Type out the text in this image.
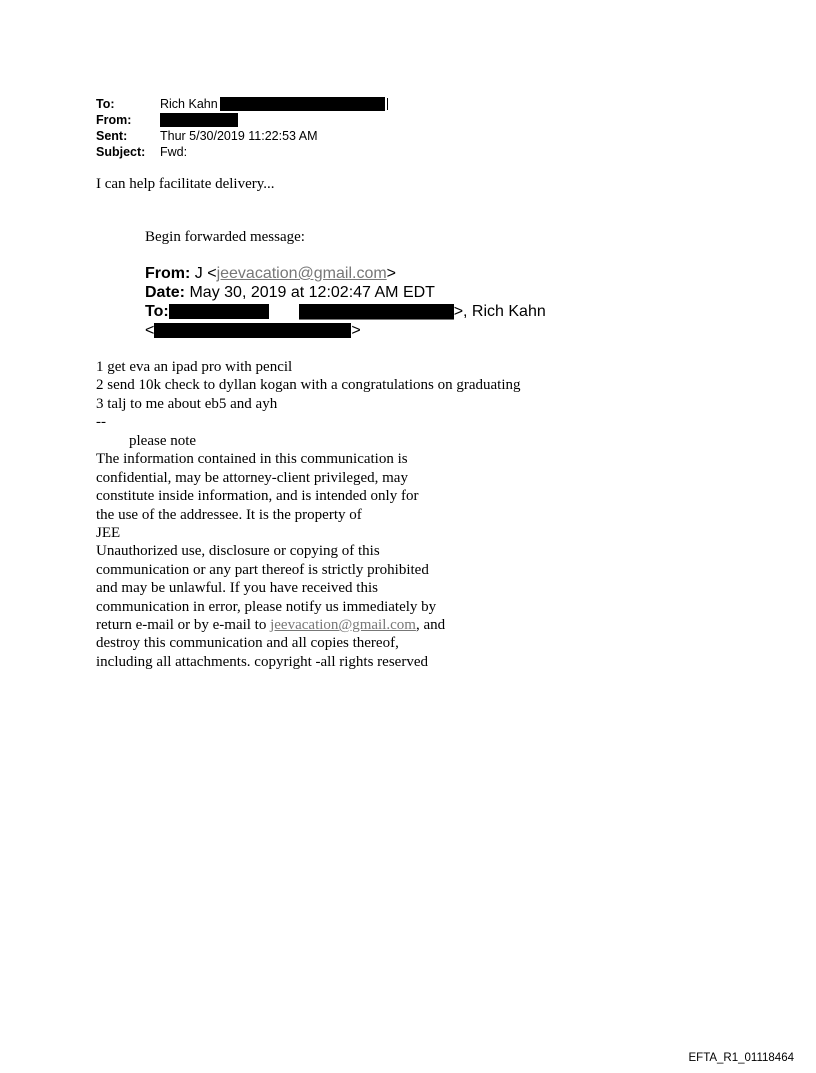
To:	Rich Kahn
From:
Sent:	Thur 5/30/2019 11:22:53 AM
Subject:	Fwd:
I can help facilitate delivery...
Begin forwarded message:
From: J <jeevacation@gmail.com>
Date: May 30, 2019 at 12:02:47 AM EDT
To:	>, Rich Kahn
<	>
1 get eva an ipad pro with pencil
2 send 10k check to dyllan kogan with a congratulations on graduating
3 talj to me about eb5 and ayh
--
please note
The information contained in this communication is
confidential, may be attorney-client privileged, may
constitute inside information, and is intended only for
the use of the addressee. It is the property of
JEE
Unauthorized use, disclosure or copying of this
communication or any part thereof is strictly prohibited
and may be unlawful. If you have received this
communication in error, please notify us immediately by
return e-mail or by e-mail to jeevacation@gmail.com, and
destroy this communication and all copies thereof,
including all attachments. copyright -all rights reserved
EFTA_R1_01118464
